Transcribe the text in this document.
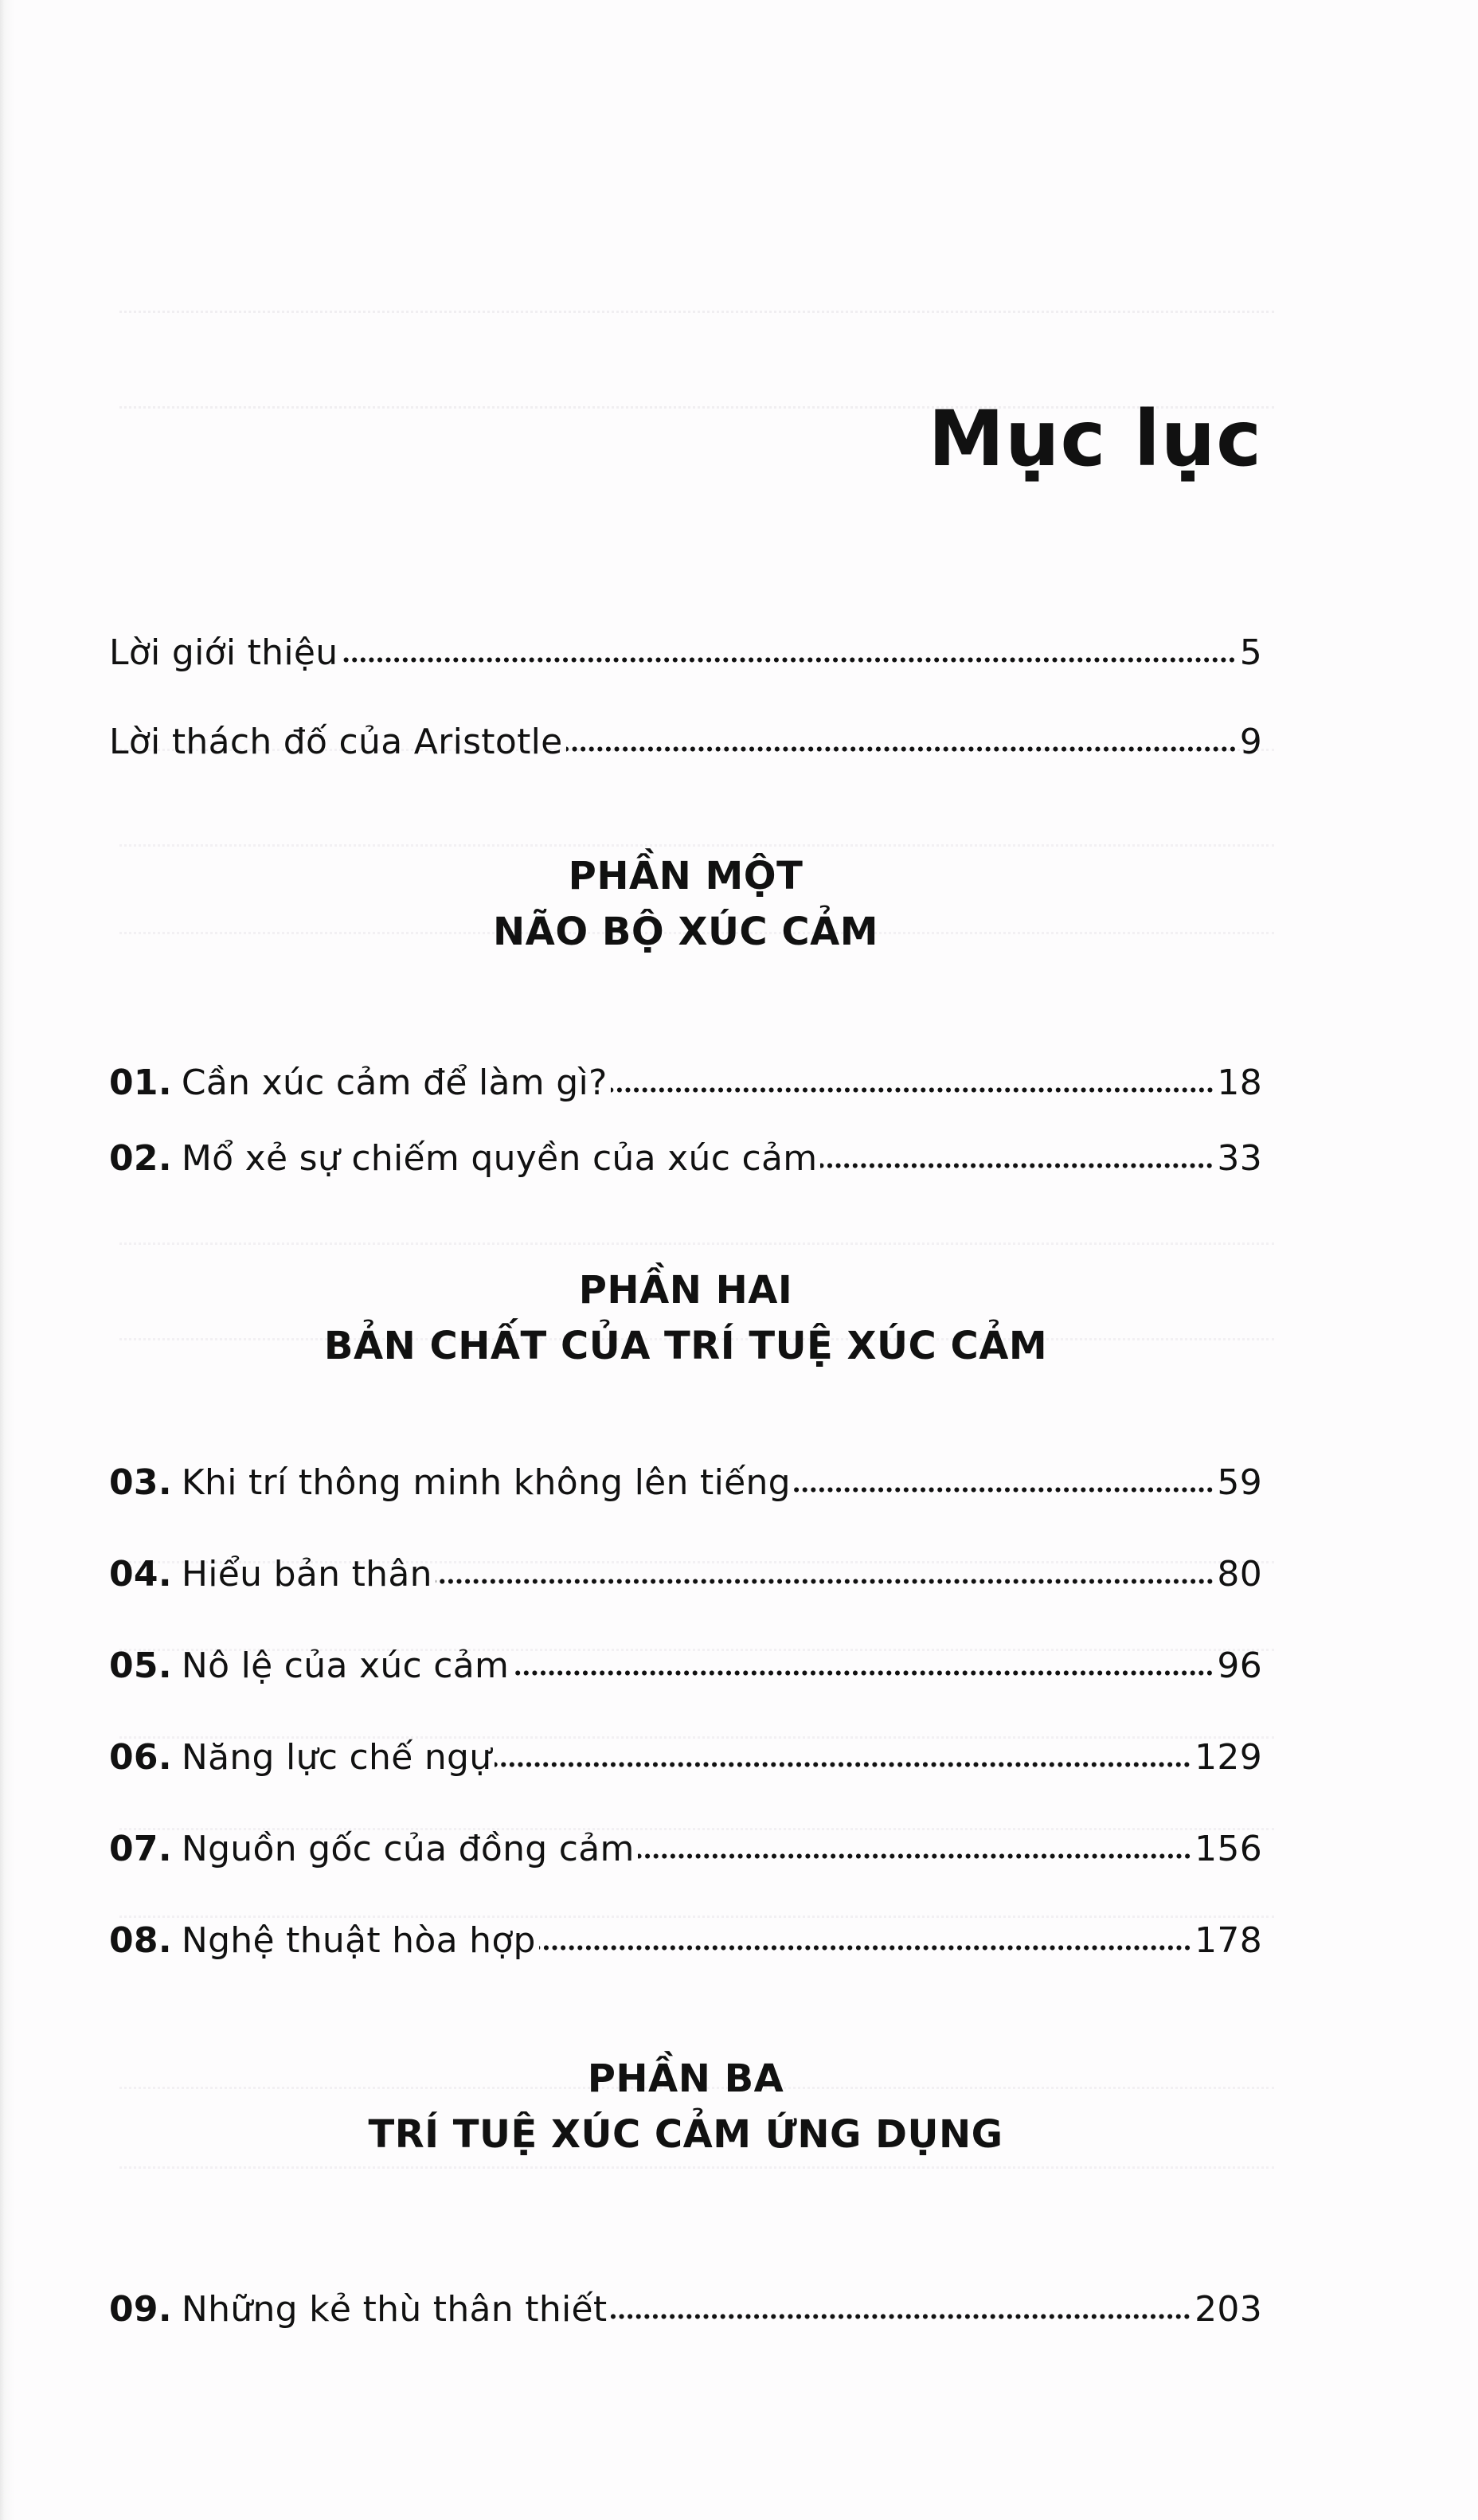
Mục lục
Lời giới thiệu	5
Lời thách đố của Aristotle	9
PHẦN MỘT
NÃO BỘ XÚC CẢM
01. Cần xúc cảm để làm gì?	18
02. Mổ xẻ sự chiếm quyền của xúc cảm	33
PHẦN HAI
BẢN CHẤT CỦA TRÍ TUỆ XÚC CẢM
03. Khi trí thông minh không lên tiếng	59
04. Hiểu bản thân	80
05. Nô lệ của xúc cảm	96
06. Năng lực chế ngự	129
07. Nguồn gốc của đồng cảm	156
08. Nghệ thuật hòa hợp	178
PHẦN BA
TRÍ TUỆ XÚC CẢM ỨNG DỤNG
09. Những kẻ thù thân thiết	203
